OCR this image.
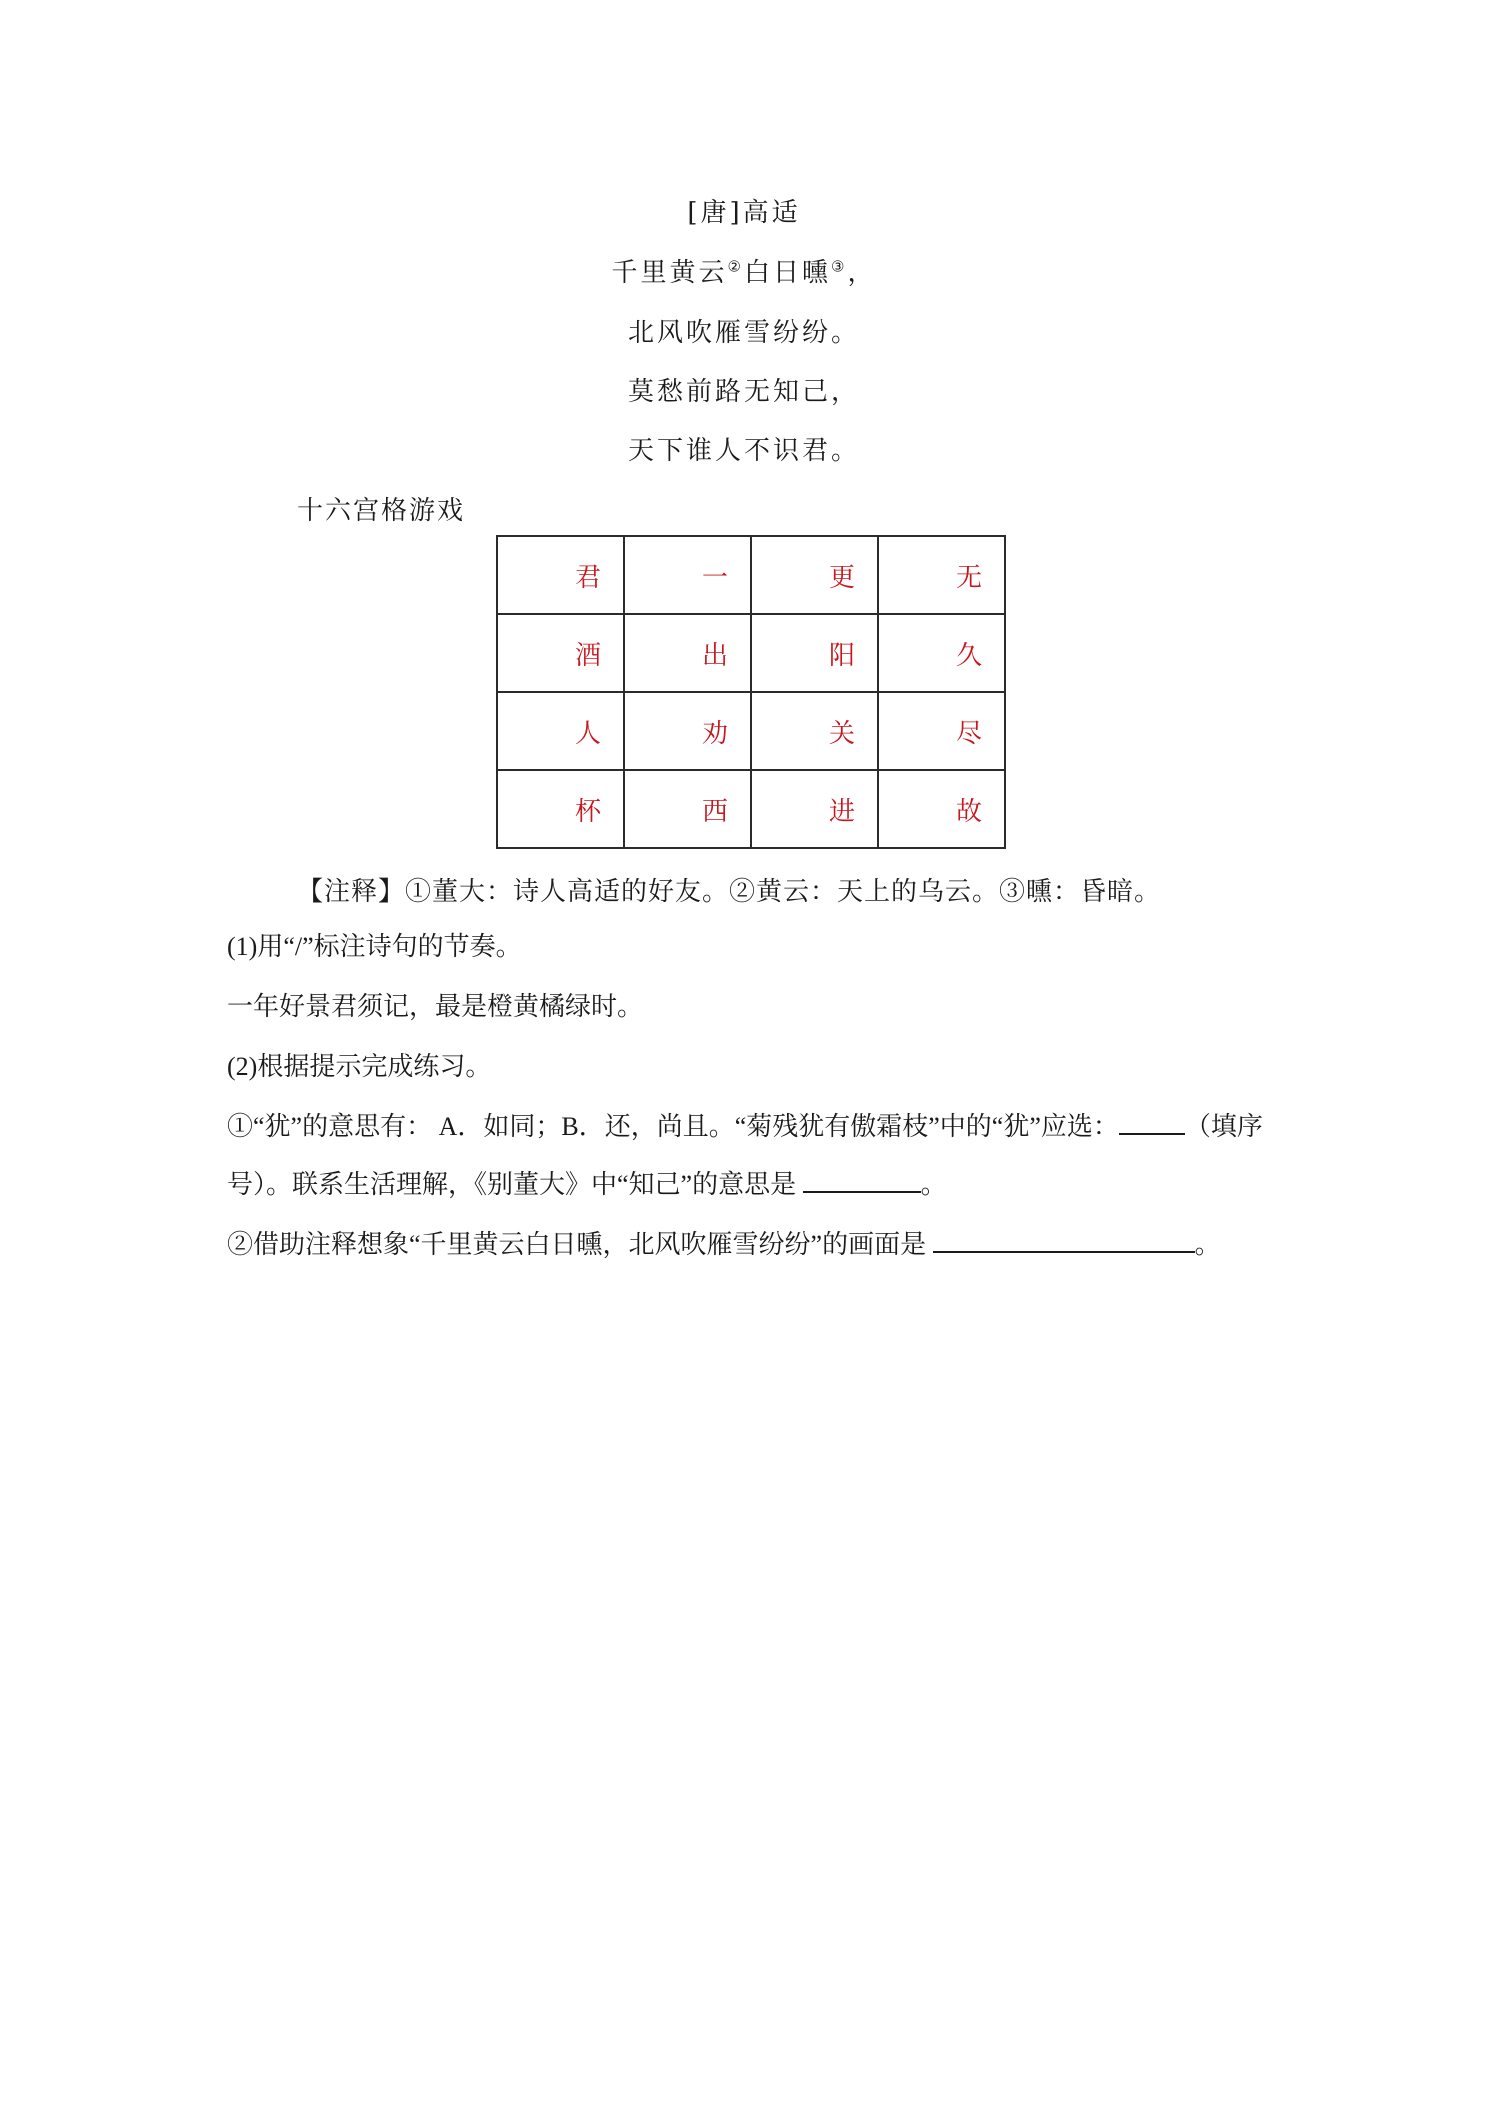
[唐]高适
千里黄云②白日曛③，
北风吹雁雪纷纷。
莫愁前路无知己，
天下谁人不识君。
十六宫格游戏
君	一	更	无
酒	出	阳	久
人	劝	关	尽
杯	西	进	故
【注释】①董大：诗人高适的好友。②黄云：天上的乌云。③曛：昏暗。
(1)用“/”标注诗句的节奏。
一年好景君须记，最是橙黄橘绿时。
(2)根据提示完成练习。
①“犹”的意思有： A．如同；B．还，尚且。“菊残犹有傲霜枝”中的“犹”应选：	（填序
号）。联系生活理解，《别董大》中“知己”的意思是	。
②借助注释想象“千里黄云白日曛，北风吹雁雪纷纷”的画面是	。
